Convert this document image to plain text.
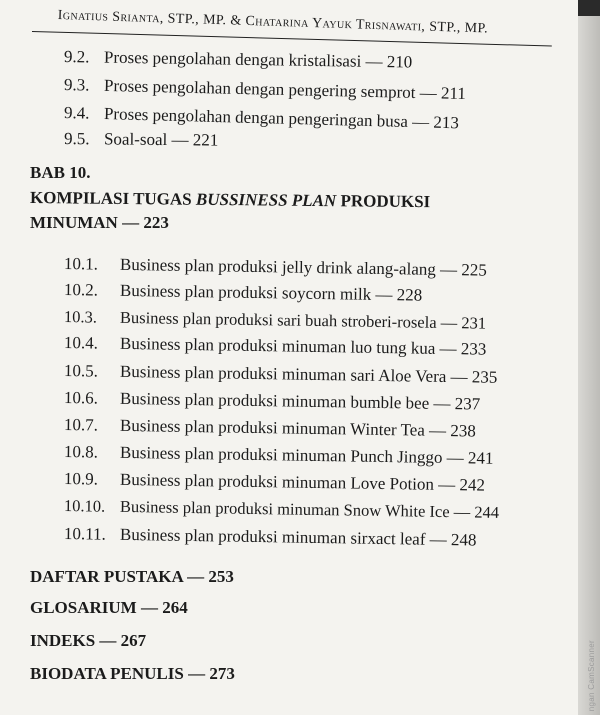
ngan CamScanner
Ignatius Srianta, STP., MP. & Chatarina Yayuk Trisnawati, STP., MP.
9.2. Proses pengolahan dengan kristalisasi — 210
9.3. Proses pengolahan dengan pengering semprot — 211
9.4. Proses pengolahan dengan pengeringan busa — 213
9.5. Soal-soal — 221
BAB 10.
KOMPILASI TUGAS BUSSINESS PLAN PRODUKSI
MINUMAN — 223
10.1. Business plan produksi jelly drink alang-alang — 225
10.2. Business plan produksi soycorn milk — 228
10.3. Business plan produksi sari buah stroberi-rosela — 231
10.4. Business plan produksi minuman luo tung kua — 233
10.5. Business plan produksi minuman sari Aloe Vera — 235
10.6. Business plan produksi minuman bumble bee — 237
10.7. Business plan produksi minuman Winter Tea — 238
10.8. Business plan produksi minuman Punch Jinggo — 241
10.9. Business plan produksi minuman Love Potion — 242
10.10. Business plan produksi minuman Snow White Ice — 244
10.11. Business plan produksi minuman sirxact leaf — 248
DAFTAR PUSTAKA — 253
GLOSARIUM — 264
INDEKS — 267
BIODATA PENULIS — 273
